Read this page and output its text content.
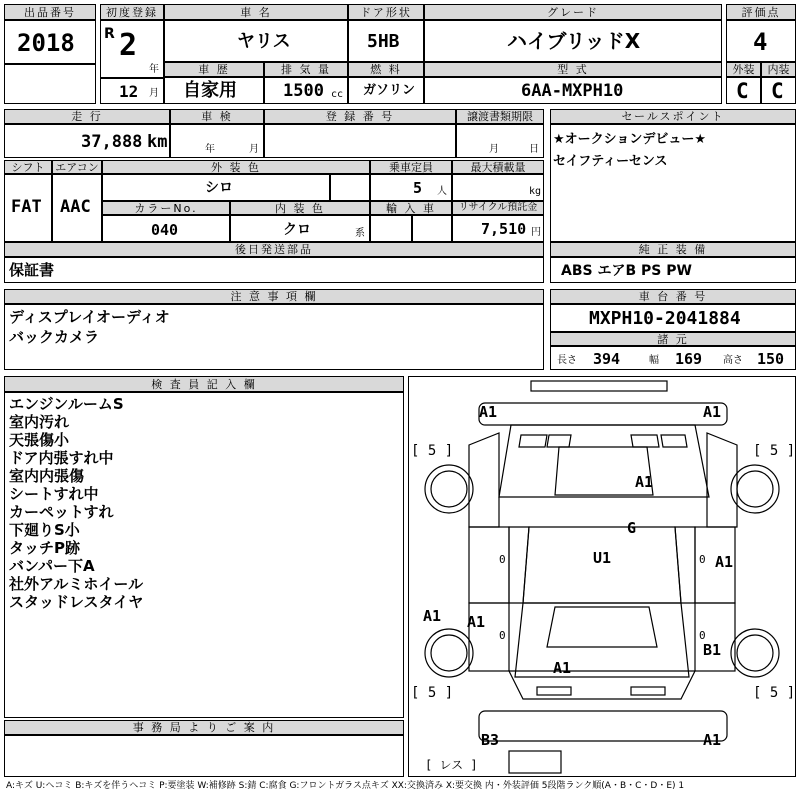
出品番号
2018
初度登録
R 2
年
12 月
車 名
ヤリス
ドア形状
5HB
グレード
ハイブリッドX
評価点
4
車 歴
自家用
排 気 量
1500 cc
燃 料
ガソリン
型 式
6AA-MXPH10
外装	内装
C C
走 行
37,888 km
車 検
年	月
登 録 番 号	譲渡書類期限
月	日
セールスポイント
★オークションデビュー★
セイフティーセンス
シフト
FAT
エアコン
AAC
外 装 色
シロ
乗車定員
5 人
最大積載量
kg
カラーNo.
040
内 装 色
クロ	系
輸 入 車	リサイクル預託金
7,510 円
後日発送部品
保証書
純 正 装 備
ABS エアB PS PW
注 意 事 項 欄
ディスプレイオーディオ
バックカメラ
車 台 番 号
MXPH10-2041884
諸 元
長さ 394	幅 169 高さ 150
検 査 員 記 入 欄
エンジンルームS
室内汚れ
天張傷小
ドア内張すれ中
室内内張傷
シートすれ中
カーペットすれ
下廻りS小
タッチP跡
バンパー下A
社外アルミホイール
スタッドレスタイヤ
事 務 局 よ り ご 案 内
A1	A1
A1
G
U1	A1
A1 A1
B1
A1
B3	A1
[ 5 ]	[ 5 ]
[ 5 ]	[ 5 ]
0
0
0
0
[ レス ]
A:キズ U:ヘコミ B:キズを伴うヘコミ P:要塗装 W:補修跡 S:錆 C:腐食 G:フロントガラス点キズ XX:交換済み X:要交換 内・外装評価 5段階ランク順(A・B・C・D・E) 1
